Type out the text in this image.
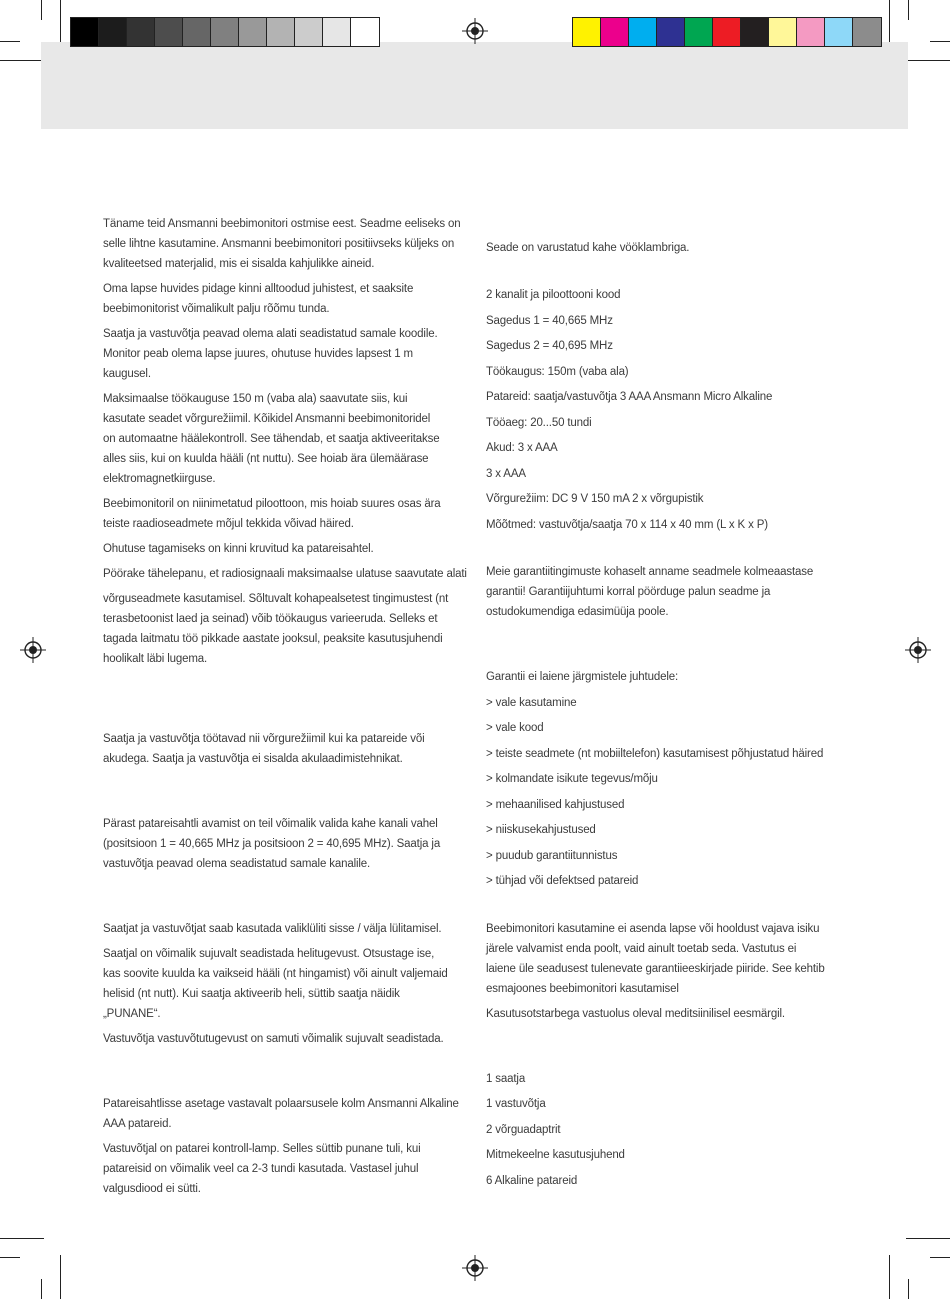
Täname teid Ansmanni beebimonitori ostmise eest. Seadme eeliseks on
selle lihtne kasutamine. Ansmanni beebimonitori positiivseks küljeks on
kvaliteetsed materjalid, mis ei sisalda kahjulikke aineid.
Oma lapse huvides pidage kinni alltoodud juhistest, et saaksite
beebimonitorist võimalikult palju rõõmu tunda.
Saatja ja vastuvõtja peavad olema alati seadistatud samale koodile.
Monitor peab olema lapse juures, ohutuse huvides lapsest 1 m
kaugusel.
Maksimaalse töökauguse 150 m (vaba ala) saavutate siis, kui
kasutate seadet võrgurežiimil. Kõikidel Ansmanni beebimonitoridel
on automaatne häälekontroll. See tähendab, et saatja aktiveeritakse
alles siis, kui on kuulda hääli (nt nuttu). See hoiab ära ülemäärase
elektromagnetkiirguse.
Beebimonitoril on niinimetatud piloottoon, mis hoiab suures osas ära
teiste raadioseadmete mõjul tekkida võivad häired.
Ohutuse tagamiseks on kinni kruvitud ka patareisahtel.
Pöörake tähelepanu, et radiosignaali maksimaalse ulatuse saavutate alati
võrguseadmete kasutamisel. Sõltuvalt kohapealsetest tingimustest (nt
terasbetoonist laed ja seinad) võib töökaugus varieeruda. Selleks et
tagada laitmatu töö pikkade aastate jooksul, peaksite kasutusjuhendi
hoolikalt läbi lugema.
Saatja ja vastuvõtja töötavad nii võrgurežiimil kui ka patareide või
akudega. Saatja ja vastuvõtja ei sisalda akulaadimistehnikat.
Pärast patareisahtli avamist on teil võimalik valida kahe kanali vahel
(positsioon 1 = 40,665 MHz ja positsioon 2 = 40,695 MHz). Saatja ja
vastuvõtja peavad olema seadistatud samale kanalile.
Saatjat ja vastuvõtjat saab kasutada valiklüliti sisse / välja lülitamisel.
Saatjal on võimalik sujuvalt seadistada helitugevust. Otsustage ise,
kas soovite kuulda ka vaikseid hääli (nt hingamist) või ainult valjemaid
helisid (nt nutt). Kui saatja aktiveerib heli, süttib saatja näidik
„PUNANE“.
Vastuvõtja vastuvõtutugevust on samuti võimalik sujuvalt seadistada.
Patareisahtlisse asetage vastavalt polaarsusele kolm Ansmanni Alkaline
AAA patareid.
Vastuvõtjal on patarei kontroll-lamp. Selles süttib punane tuli, kui
patareisid on võimalik veel ca 2-3 tundi kasutada. Vastasel juhul
valgusdiood ei sütti.
Seade on varustatud kahe vööklambriga.
2 kanalit ja piloottooni kood
Sagedus 1 = 40,665 MHz
Sagedus 2 = 40,695 MHz
Töökaugus: 150m (vaba ala)
Patareid: saatja/vastuvõtja 3 AAA Ansmann Micro Alkaline
Tööaeg: 20...50 tundi
Akud: 3 x AAA
3 x AAA
Võrgurežiim: DC 9 V 150 mA 2 x võrgupistik
Mõõtmed: vastuvõtja/saatja 70 x 114 x 40 mm (L x K x P)
Meie garantiitingimuste kohaselt anname seadmele kolmeaastase
garantii! Garantiijuhtumi korral pöörduge palun seadme ja
ostudokumendiga edasimüüja poole.
Garantii ei laiene järgmistele juhtudele:
> vale kasutamine
> vale kood
> teiste seadmete (nt mobiiltelefon) kasutamisest põhjustatud häired
> kolmandate isikute tegevus/mõju
> mehaanilised kahjustused
> niiskusekahjustused
> puudub garantiitunnistus
> tühjad või defektsed patareid
Beebimonitori kasutamine ei asenda lapse või hooldust vajava isiku
järele valvamist enda poolt, vaid ainult toetab seda. Vastutus ei
laiene üle seadusest tulenevate garantiieeskirjade piiride. See kehtib
esmajoones beebimonitori kasutamisel
Kasutusotstarbega vastuolus oleval meditsiinilisel eesmärgil.
1 saatja
1 vastuvõtja
2 võrguadaptrit
Mitmekeelne kasutusjuhend
6 Alkaline patareid
